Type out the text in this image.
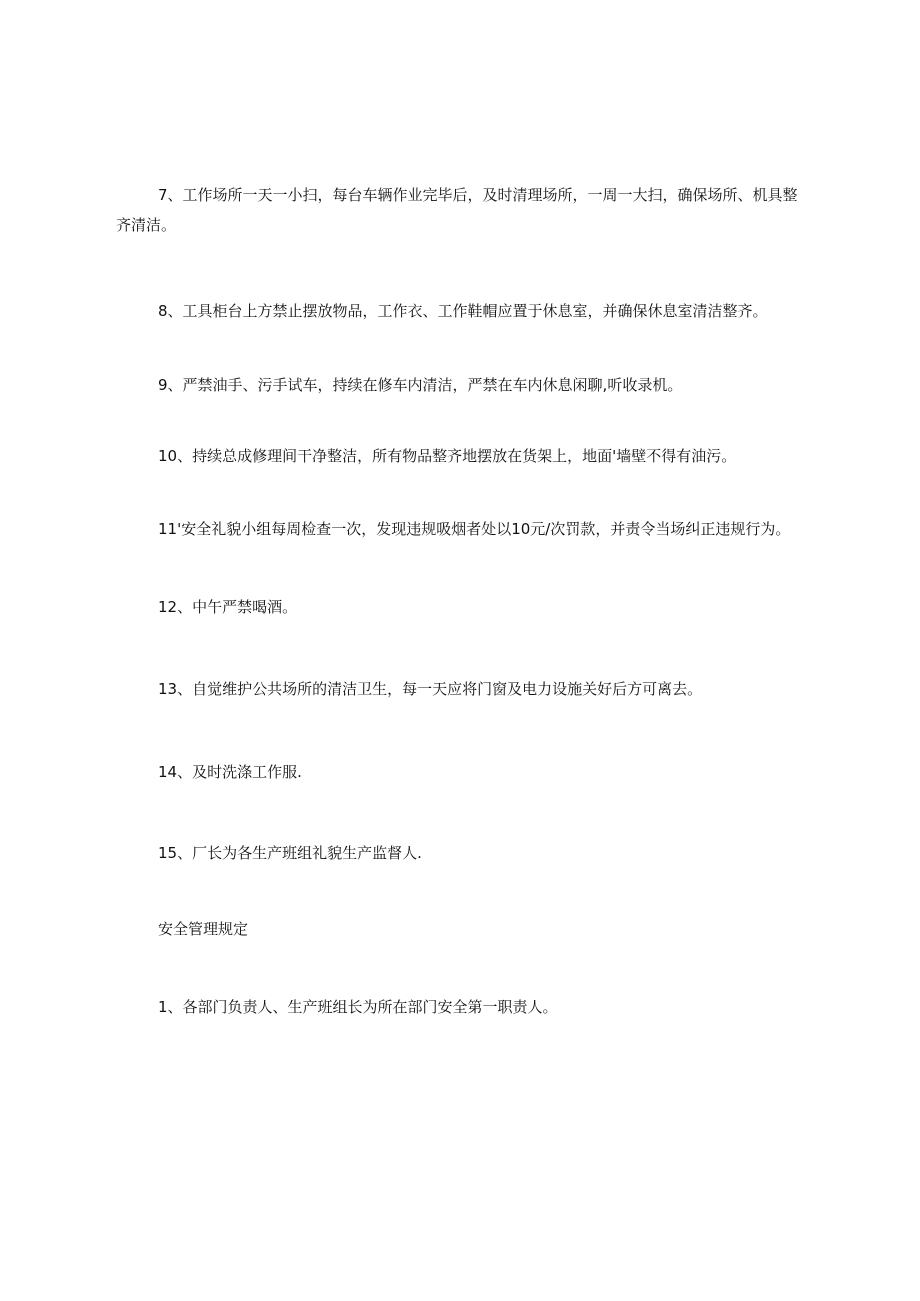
7、工作场所一天一小扫，每台车辆作业完毕后，及时清理场所，一周一大扫，确保场所、机具整齐清洁。

8、工具柜台上方禁止摆放物品，工作衣、工作鞋帽应置于休息室，并确保休息室清洁整齐。

9、严禁油手、污手试车，持续在修车内清洁，严禁在车内休息闲聊,听收录机。

10、持续总成修理间干净整洁，所有物品整齐地摆放在货架上，地面'墙壁不得有油污。

11'安全礼貌小组每周检查一次，发现违规吸烟者处以10元/次罚款，并责令当场纠正违规行为。

12、中午严禁喝酒。

13、自觉维护公共场所的清洁卫生，每一天应将门窗及电力设施关好后方可离去。

14、及时洗涤工作服.

15、厂长为各生产班组礼貌生产监督人.

安全管理规定

1、各部门负责人、生产班组长为所在部门安全第一职责人。
